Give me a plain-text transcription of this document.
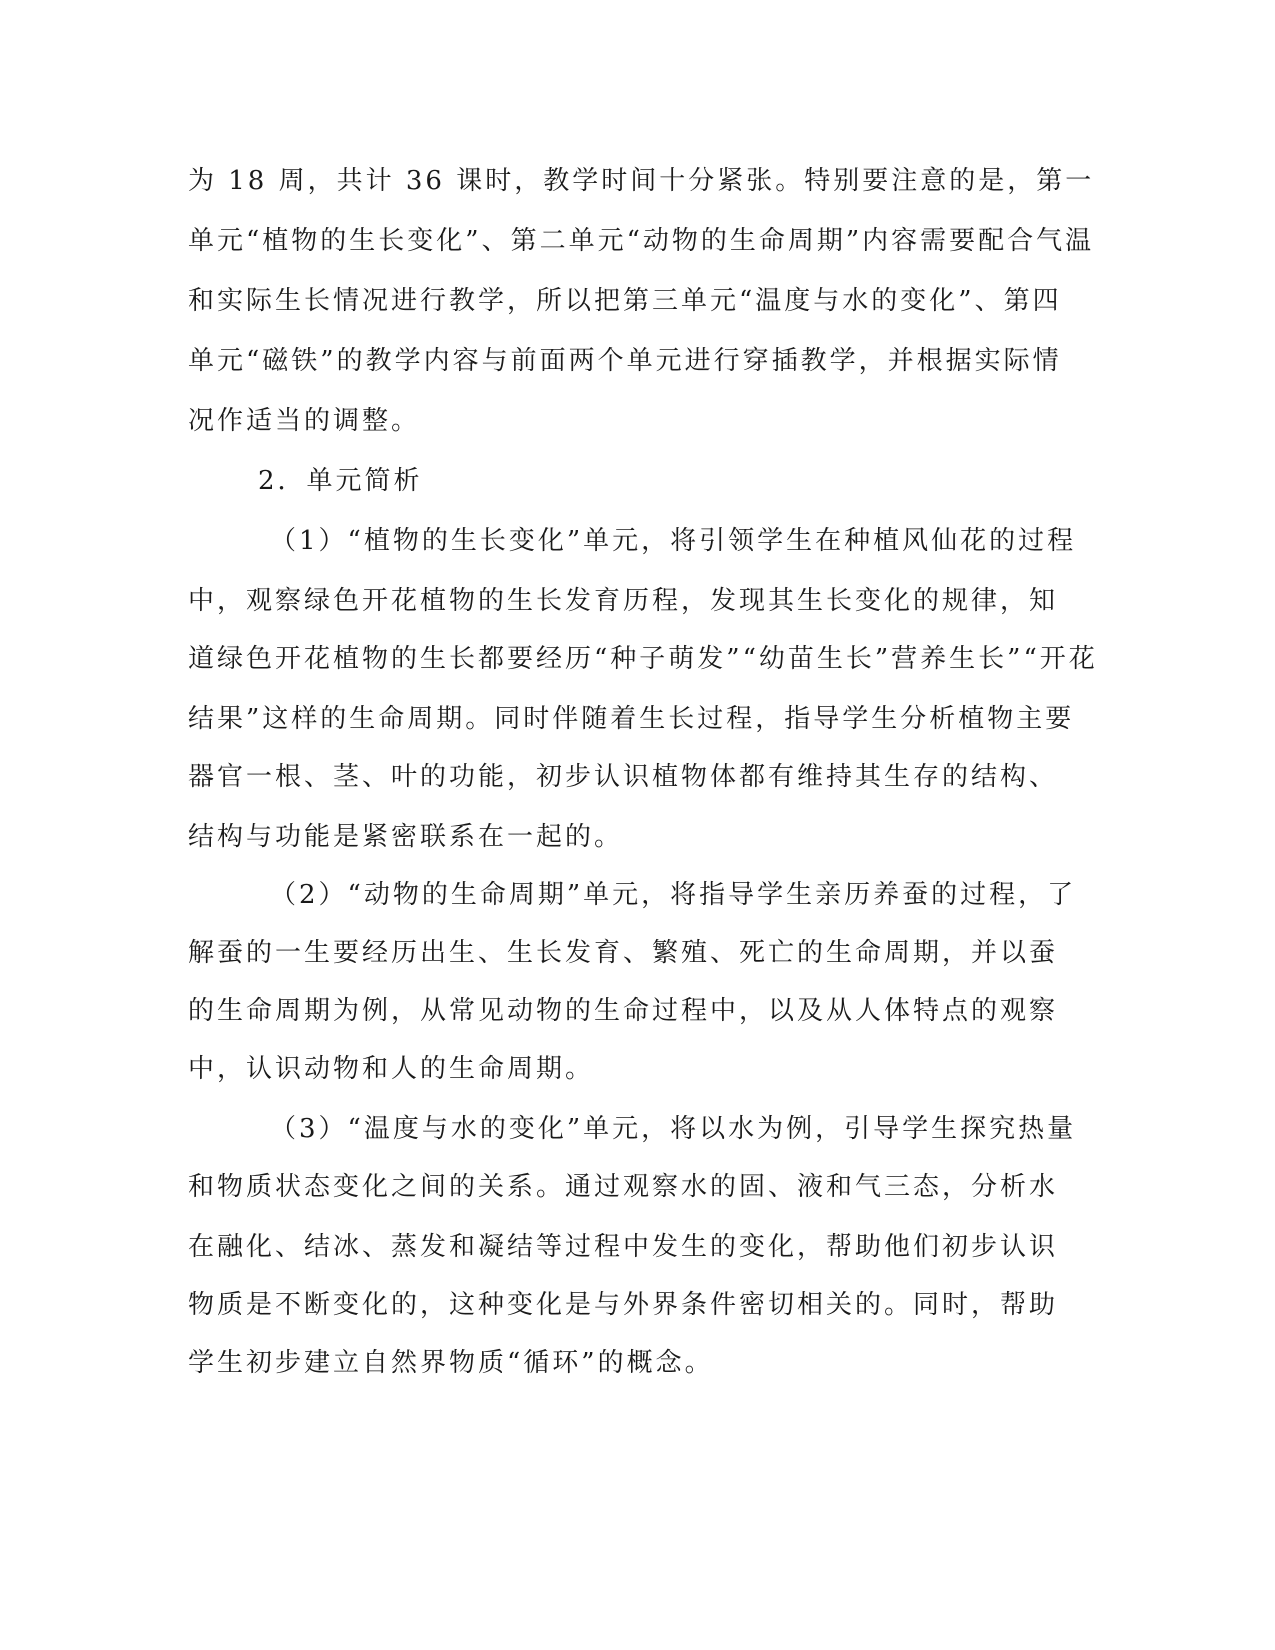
为 18 周，共计 36 课时，教学时间十分紧张。特别要注意的是，第一
单元“植物的生长变化”、第二单元“动物的生命周期”内容需要配合气温
和实际生长情况进行教学，所以把第三单元“温度与水的变化”、第四
单元“磁铁”的教学内容与前面两个单元进行穿插教学，并根据实际情
况作适当的调整。
2．单元简析
（1）“植物的生长变化”单元，将引领学生在种植风仙花的过程
中，观察绿色开花植物的生长发育历程，发现其生长变化的规律，知
道绿色开花植物的生长都要经历“种子萌发”“幼苗生长”营养生长”“开花
结果”这样的生命周期。同时伴随着生长过程，指导学生分析植物主要
器官一根、茎、叶的功能，初步认识植物体都有维持其生存的结构、
结构与功能是紧密联系在一起的。
（2）“动物的生命周期”单元，将指导学生亲历养蚕的过程，了
解蚕的一生要经历出生、生长发育、繁殖、死亡的生命周期，并以蚕
的生命周期为例，从常见动物的生命过程中，以及从人体特点的观察
中，认识动物和人的生命周期。
（3）“温度与水的变化”单元，将以水为例，引导学生探究热量
和物质状态变化之间的关系。通过观察水的固、液和气三态，分析水
在融化、结冰、蒸发和凝结等过程中发生的变化，帮助他们初步认识
物质是不断变化的，这种变化是与外界条件密切相关的。同时，帮助
学生初步建立自然界物质“循环”的概念。
